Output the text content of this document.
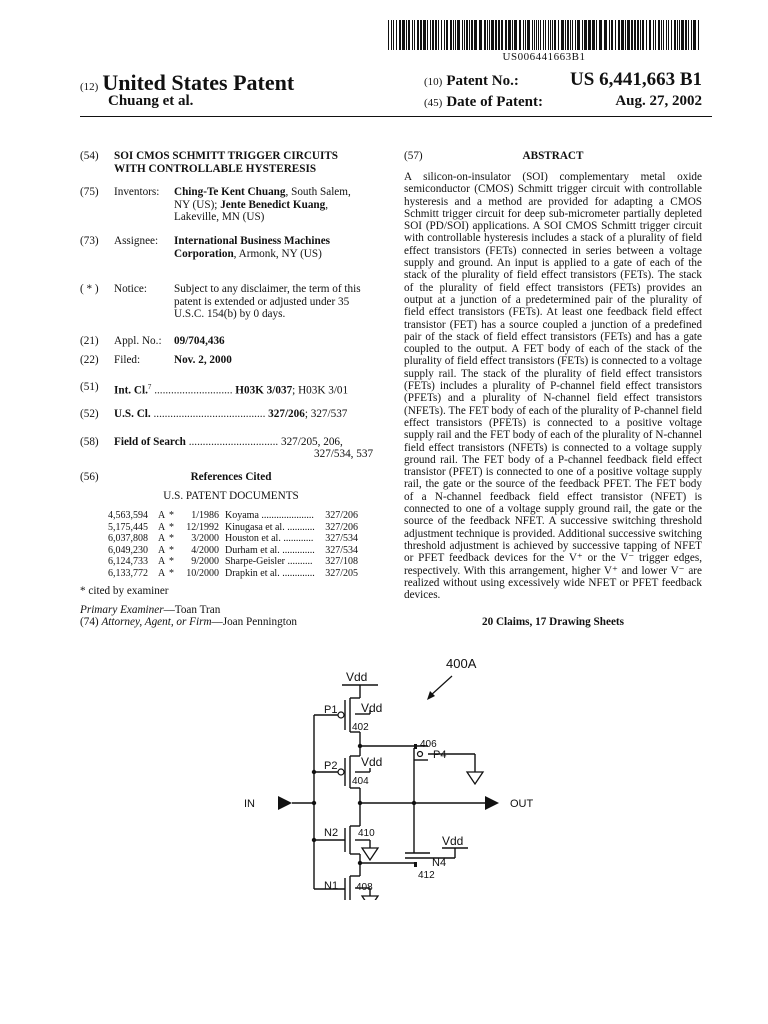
US006441663B1
(12) United States Patent
Chuang et al.
(10) Patent No.:	US 6,441,663 B1
(45) Date of Patent:	Aug. 27, 2002
(54) SOI CMOS SCHMITT TRIGGER CIRCUITS
WITH CONTROLLABLE HYSTERESIS
(75) Inventors: Ching-Te Kent Chuang, South Salem,
NY (US); Jente Benedict Kuang,
Lakeville, MN (US)
(73) Assignee: International Business Machines
Corporation, Armonk, NY (US)
( * ) Notice: Subject to any disclaimer, the term of this
patent is extended or adjusted under 35
U.S.C. 154(b) by 0 days.
(21) Appl. No.: 09/704,436
(22) Filed:	Nov. 2, 2000
(51) Int. Cl.$^7$ ............................ H03K 3/037; H03K 3/01
(52) U.S. Cl. ........................................ 327/206; 327/537
(58) Field of Search ................................ 327/205, 206,
327/534, 537
(56)	References Cited
U.S. PATENT DOCUMENTS
4,563,594	A *	1/1986 Koyama .....................	327/206
5,175,445	A *	12/1992 Kinugasa et al. ...........	327/206
6,037,808	A *	3/2000 Houston et al. ............	327/534
6,049,230	A *	4/2000 Durham et al. .............	327/534
6,124,733	A *	9/2000 Sharpe-Geisler ..........	327/108
6,133,772	A *	10/2000 Drapkin et al. .............	327/205
* cited by examiner
Primary Examiner—Toan Tran
(74) Attorney, Agent, or Firm—Joan Pennington
(57)	ABSTRACT
A silicon-on-insulator (SOI) complementary metal oxide semiconductor (CMOS) Schmitt trigger circuit with controllable hysteresis and a method are provided for adapting a CMOS Schmitt trigger circuit for deep sub-micrometer partially depleted SOI (PD/SOI) applications. A SOI CMOS Schmitt trigger circuit with controllable hysteresis includes a stack of a plurality of field effect transistors (FETs) connected in series between a voltage supply and ground. An input is applied to a gate of each of the stack of the plurality of field effect transistors (FETs). The stack of the plurality of field effect transistors (FETs) provides an output at a junction of a predetermined pair of the plurality of field effect transistors (FETs). At least one feedback field effect transistor (FET) has a source coupled a junction of a predefined pair of the stack of field effect transistors (FETs) and has a gate coupled to the output. A FET body of each of the stack of the plurality of field effect transistors (FETs) is connected to a voltage supply rail. The stack of the plurality of field effect transistors (FETs) includes a plurality of P-channel field effect transistors (PFETs) and a plurality of N-channel field effect transistors (NFETs). The FET body of each of the plurality of P-channel field effect transistors (PFETs) is connected to a positive voltage supply rail and the FET body of each of the plurality of N-channel field effect transistors (NFETs) is connected to a voltage supply ground rail. The FET body of a P-channel feedback field effect transistor (PFET) is connected to one of a positive voltage supply rail, the gate or the source of the feedback PFET. The FET body of a N-channel feedback field effect transistor (NFET) is connected to one of a voltage supply ground rail, the gate or the source of the feedback NFET. A successive switching threshold adjustment technique is provided. Additional successive switching threshold adjustment is achieved by successive tapping of NFET or PFET feedback devices for the V⁺ or the V⁻ trigger edges, respectively. With this arrangement, higher V⁺ and lower V⁻ are realized without using excessively wide NFET or PFET feedback devices.
20 Claims, 17 Drawing Sheets
400A
Vdd
Vdd
Vdd
Vdd
P1
P2
P4
N2
N1
N4
402
404
406
408
410
412
IN	OUT
